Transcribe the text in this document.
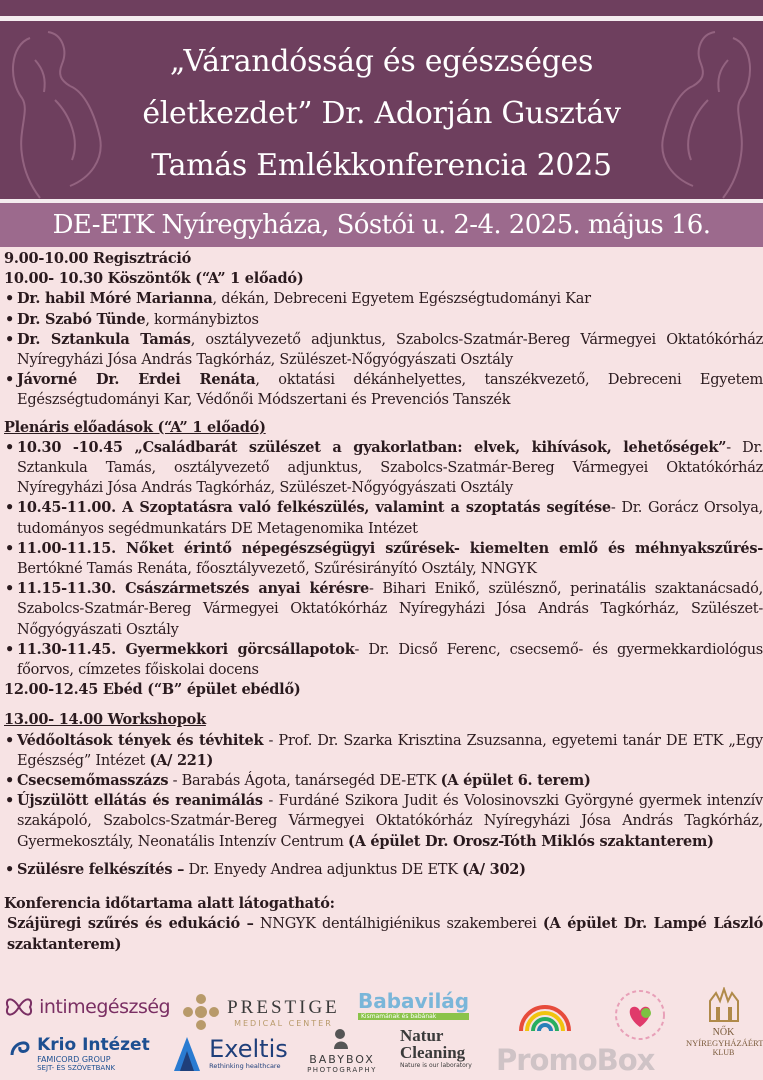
„Várandósság és egészséges
életkezdet” Dr. Adorján Gusztáv
Tamás Emlékkonferencia 2025
DE-ETK Nyíregyháza, Sóstói u. 2-4. 2025. május 16.
9.00-10.00 Regisztráció
10.00- 10.30 Köszöntők (“A” 1 előadó)
• Dr. habil Móré Marianna, dékán, Debreceni Egyetem Egészségtudományi Kar
• Dr. Szabó Tünde, kormánybiztos
• Dr. Sztankula Tamás, osztályvezető adjunktus, Szabolcs-Szatmár-Bereg Vármegyei Oktatókórház Nyíregyházi Jósa András Tagkórház, Szülészet-Nőgyógyászati Osztály
• Jávorné Dr. Erdei Renáta, oktatási dékánhelyettes, tanszékvezető, Debreceni Egyetem Egészségtudományi Kar, Védőnői Módszertani és Prevenciós Tanszék
Plenáris előadások (“A” 1 előadó)
• 10.30 -10.45 „Családbarát szülészet a gyakorlatban: elvek, kihívások, lehetőségek”- Dr. Sztankula Tamás, osztályvezető adjunktus, Szabolcs-Szatmár-Bereg Vármegyei Oktatókórház Nyíregyházi Jósa András Tagkórház, Szülészet-Nőgyógyászati Osztály
• 10.45-11.00. A Szoptatásra való felkészülés, valamint a szoptatás segítése- Dr. Gorácz Orsolya, tudományos segédmunkatárs DE Metagenomika Intézet
• 11.00-11.15. Nőket érintő népegészségügyi szűrések- kiemelten emlő és méhnyakszűrés- Bertókné Tamás Renáta, főosztályvezető, Szűrésirányító Osztály, NNGYK
• 11.15-11.30. Császármetszés anyai kérésre- Bihari Enikő, szülésznő, perinatális szaktanácsadó, Szabolcs-Szatmár-Bereg Vármegyei Oktatókórház Nyíregyházi Jósa András Tagkórház, Szülészet-Nőgyógyászati Osztály
• 11.30-11.45. Gyermekkori görcsállapotok- Dr. Dicső Ferenc, csecsemő- és gyermekkardiológus főorvos, címzetes főiskolai docens
12.00-12.45 Ebéd (“B” épület ebédlő)
13.00- 14.00 Workshopok
• Védőoltások tények és tévhitek - Prof. Dr. Szarka Krisztina Zsuzsanna, egyetemi tanár DE ETK „Egy Egészség” Intézet (A/ 221)
• Csecsemőmasszázs - Barabás Ágota, tanársegéd DE-ETK (A épület 6. terem)
• Újszülött ellátás és reanimálás - Furdáné Szikora Judit és Volosinovszki Györgyné gyermek intenzív szakápoló, Szabolcs-Szatmár-Bereg Vármegyei Oktatókórház Nyíregyházi Jósa András Tagkórház, Gyermekosztály, Neonatális Intenzív Centrum (A épület Dr. Orosz-Tóth Miklós szaktanterem)
• Szülésre felkészítés – Dr. Enyedy Andrea adjunktus DE ETK (A/ 302)
Konferencia időtartama alatt látogatható:
Szájüregi szűrés és edukáció – NNGYK dentálhigiénikus szakemberei (A épület Dr. Lampé László szaktanterem)
intimegészség
	PRESTIGE
MEDICAL CENTER
Babavilág
Kismamának és babának
NŐK
NYÍREGYHÁZÁÉRT
KLUB

Krio Intézet
FAMICORD GROUP
SEJT- ÉS SZÖVETBANK

Exeltis
Rethinking healthcare	BABYBOX
PHOTOGRAPHY
Natur
Cleaning
Nature is our laboratory PromoBox
